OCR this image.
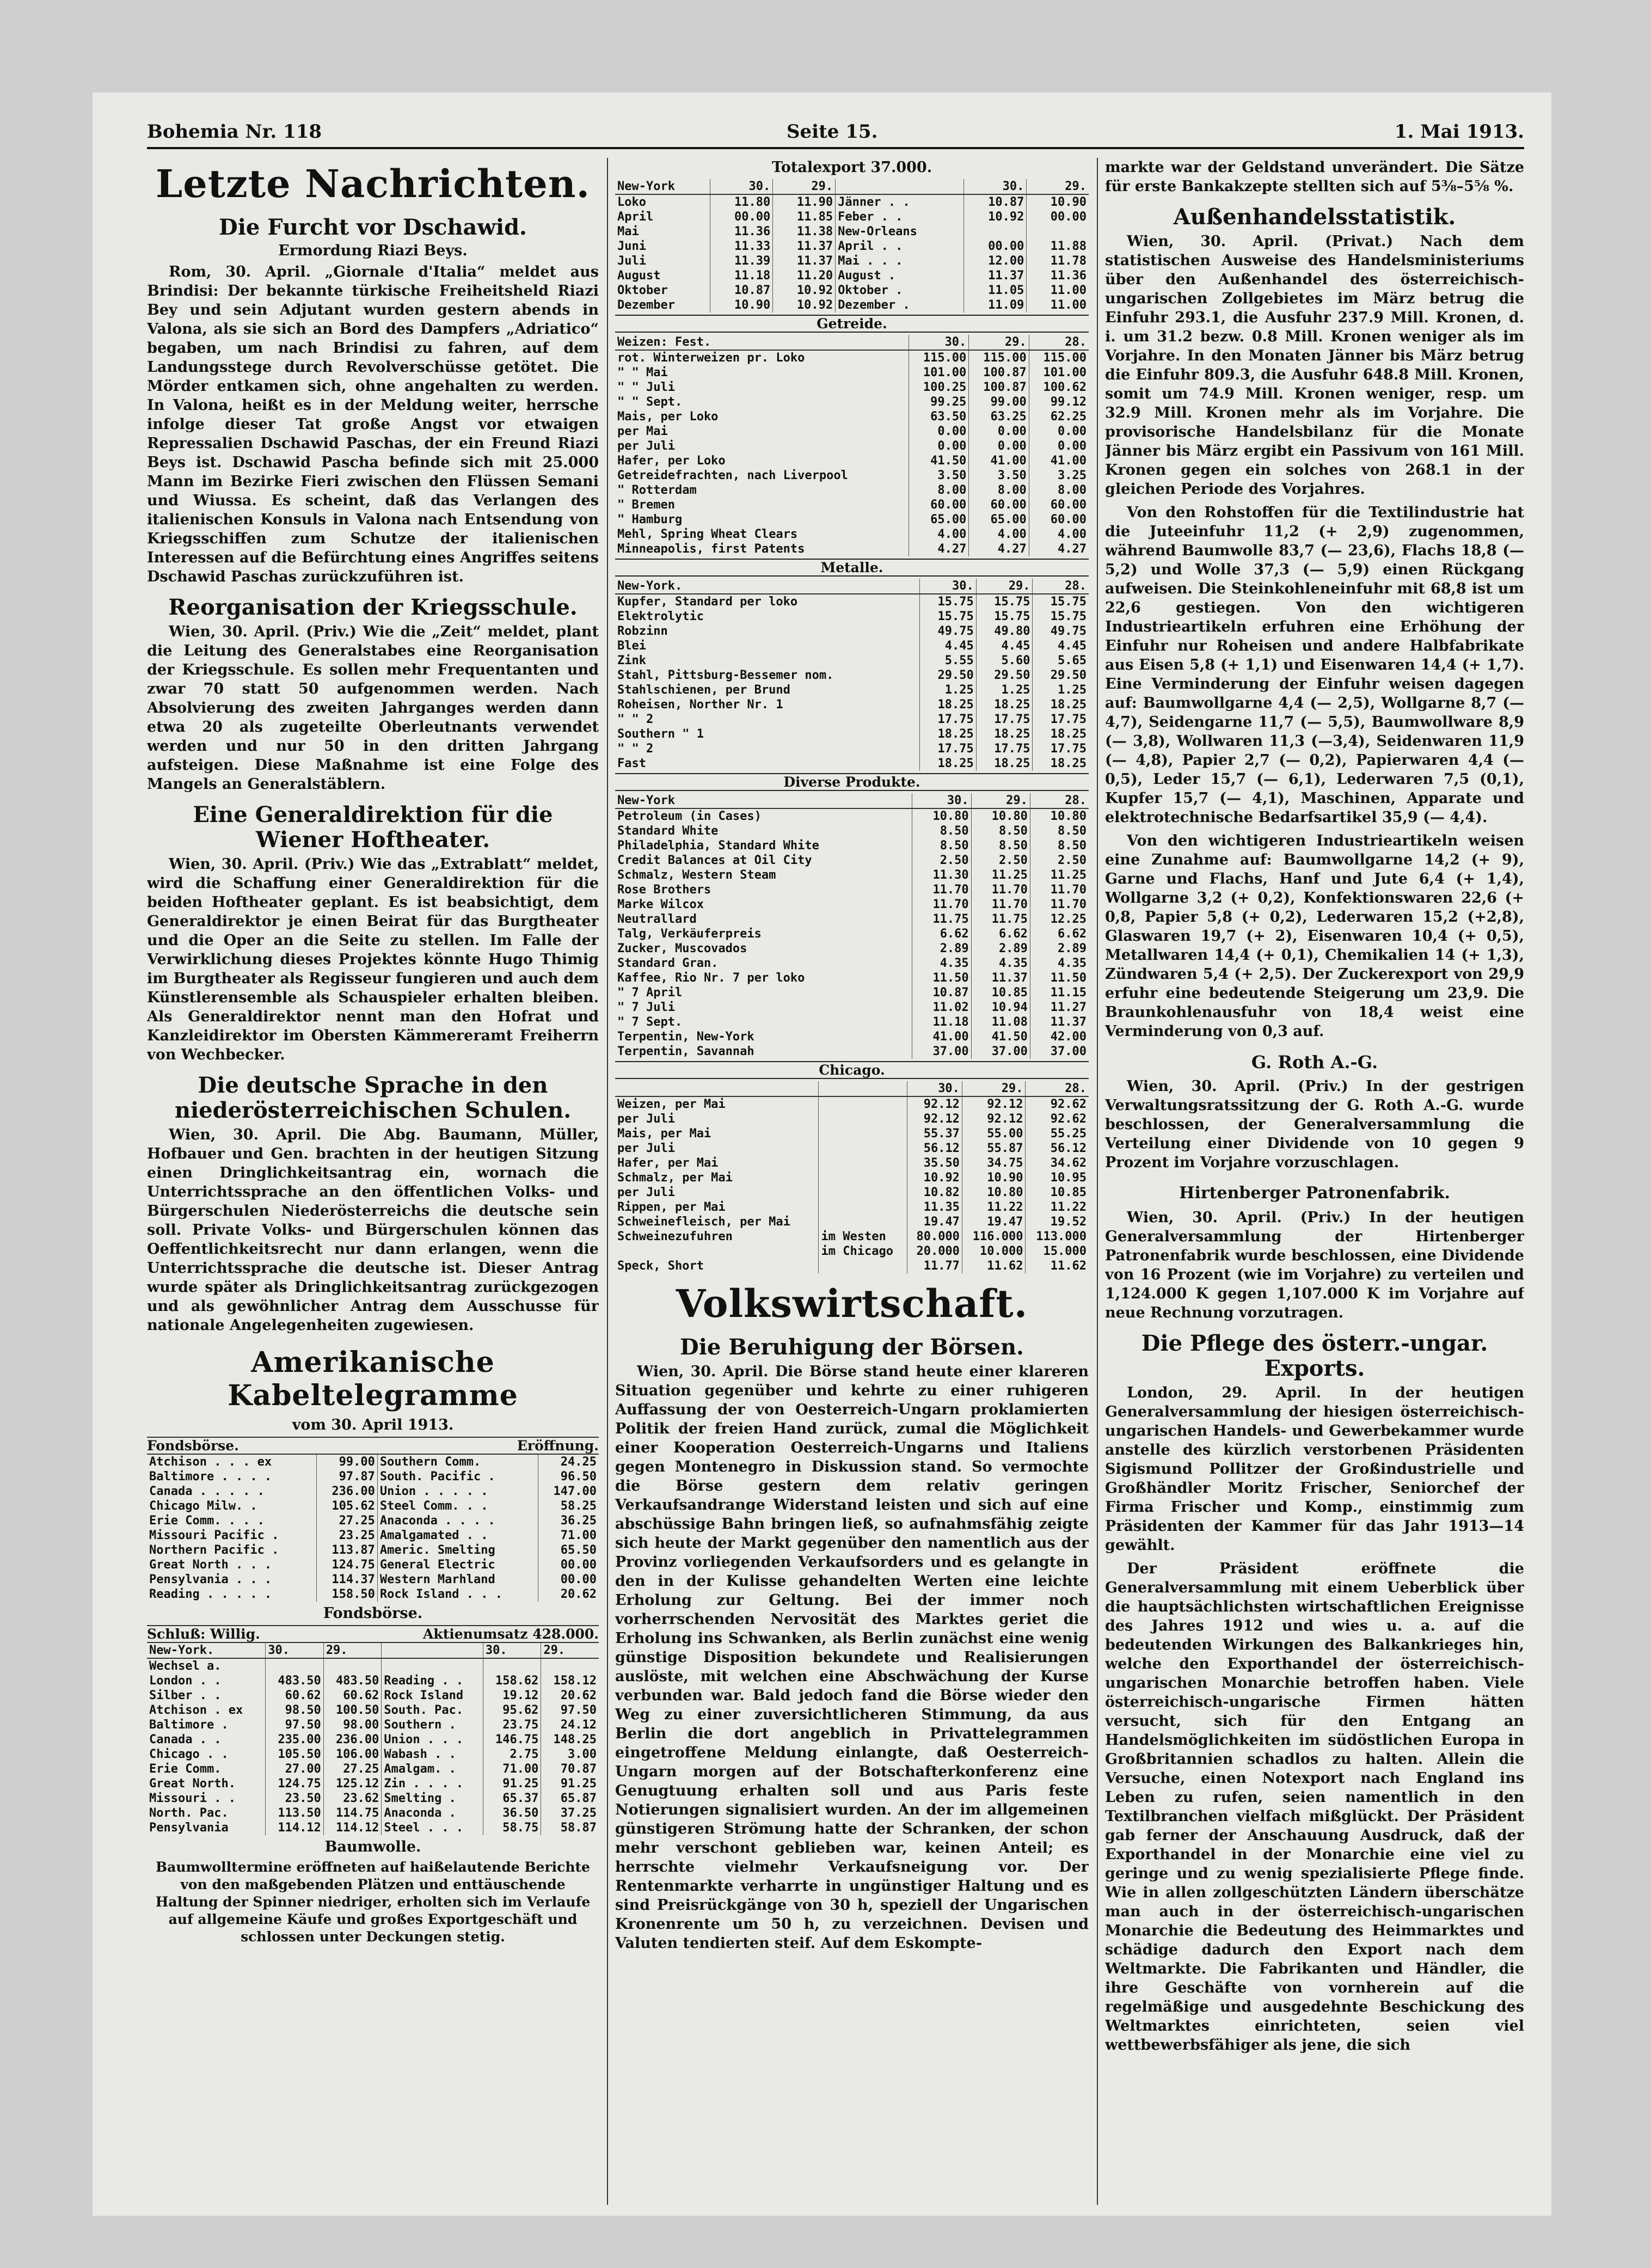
Bohemia Nr. 118	Seite 15.	1. Mai 1913.
Letzte Nachrichten.
Die Furcht vor Dschawid.
Ermordung Riazi Beys.

Rom, 30. April. „Giornale d'Italia“ meldet aus Brindisi: Der bekannte türkische Freiheitsheld Riazi Bey und sein Adjutant wurden gestern abends in Valona, als sie sich an Bord des Dampfers „Adriatico“ begaben, um nach Brindisi zu fahren, auf dem Landungsstege durch Revolverschüsse getötet. Die Mörder entkamen sich, ohne angehalten zu werden. In Valona, heißt es in der Meldung weiter, herrsche infolge dieser Tat große Angst vor etwaigen Repressalien Dschawid Paschas, der ein Freund Riazi Beys ist. Dschawid Pascha befinde sich mit 25.000 Mann im Bezirke Fieri zwischen den Flüssen Semani und Wiussa. Es scheint, daß das Verlangen des italienischen Konsuls in Valona nach Entsendung von Kriegsschiffen zum Schutze der italienischen Interessen auf die Befürchtung eines Angriffes seitens Dschawid Paschas zurückzuführen ist.

Reorganisation der Kriegsschule.

Wien, 30. April. (Priv.) Wie die „Zeit“ meldet, plant die Leitung des Generalstabes eine Reorganisation der Kriegsschule. Es sollen mehr Frequentanten und zwar 70 statt 50 aufgenommen werden. Nach Absolvierung des zweiten Jahrganges werden dann etwa 20 als zugeteilte Oberleutnants verwendet werden und nur 50 in den dritten Jahrgang aufsteigen. Diese Maßnahme ist eine Folge des Mangels an Generalstäblern.

Eine Generaldirektion für die Wiener Hoftheater.

Wien, 30. April. (Priv.) Wie das „Extrablatt“ meldet, wird die Schaffung einer Generaldirektion für die beiden Hoftheater geplant. Es ist beabsichtigt, dem Generaldirektor je einen Beirat für das Burgtheater und die Oper an die Seite zu stellen. Im Falle der Verwirklichung dieses Projektes könnte Hugo Thimig im Burgtheater als Regisseur fungieren und auch dem Künstlerensemble als Schauspieler erhalten bleiben. Als Generaldirektor nennt man den Hofrat und Kanzleidirektor im Obersten Kämmereramt Freiherrn von Wechbecker.

Die deutsche Sprache in den niederösterreichischen Schulen.

Wien, 30. April. Die Abg. Baumann, Müller, Hofbauer und Gen. brachten in der heutigen Sitzung einen Dringlichkeitsantrag ein, wornach die Unterrichtssprache an den öffentlichen Volks- und Bürgerschulen Niederösterreichs die deutsche sein soll. Private Volks- und Bürgerschulen können das Oeffentlichkeitsrecht nur dann erlangen, wenn die Unterrichtssprache die deutsche ist. Dieser Antrag wurde später als Dringlichkeitsantrag zurückgezogen und als gewöhnlicher Antrag dem Ausschusse für nationale Angelegenheiten zugewiesen.

Amerikanische Kabeltelegramme
vom 30. April 1913.
Fondsbörse.	Eröffnung.
Atchison . . . ex	99.00	Southern Comm.	24.25
Baltimore . . . .	97.87	South. Pacific .	96.50
Canada . . . . .	236.00	Union . . . . .	147.00
Chicago Milw. .	105.62	Steel Comm. . .	58.25
Erie Comm. . . .	27.25	Anaconda . . . .	36.25
Missouri Pacific .	23.25	Amalgamated . .	71.00
Northern Pacific .	113.87	Americ. Smelting	65.50
Great North . . .	124.75	General Electric	00.00
Pensylvania . . .	114.37	Western Marhland	00.00
Reading . . . . .	158.50	Rock Island . . .	20.62
Fondsbörse.
Schluß: Willig.	Aktienumsatz 428.000.
New-York.	30.	29.		30.	29.
Wechsel a.					
London . .	483.50	483.50	Reading . .	158.62	158.12
Silber . .	60.62	60.62	Rock Island	19.12	20.62
Atchison . ex	98.50	100.50	South. Pac.	95.62	97.50
Baltimore .	97.50	98.00	Southern .	23.75	24.12
Canada . .	235.00	236.00	Union . . .	146.75	148.25
Chicago . .	105.50	106.00	Wabash . .	2.75	3.00
Erie Comm.	27.00	27.25	Amalgam. .	71.00	70.87
Great North.	124.75	125.12	Zin . . . .	91.25	91.25
Missouri . .	23.50	23.62	Smelting .	65.37	65.87
North. Pac.	113.50	114.75	Anaconda .	36.50	37.25
Pensylvania	114.12	114.12	Steel . . .	58.75	58.87
Baumwolle.

Baumwolltermine eröffneten auf haißelautende Berichte von den maßgebenden Plätzen und enttäuschende Haltung der Spinner niedriger, erholten sich im Verlaufe auf allgemeine Käufe und großes Exportgeschäft und schlossen unter Deckungen stetig.

Totalexport 37.000.
New-York	30.	29.		30.	29.
Loko	11.80	11.90	Jänner . .	10.87	10.90
April	00.00	11.85	Feber . .	10.92	00.00
Mai	11.36	11.38	New-Orleans		
Juni	11.33	11.37	April . .	00.00	11.88
Juli	11.39	11.37	Mai . . .	12.00	11.78
August	11.18	11.20	August .	11.37	11.36
Oktober	10.87	10.92	Oktober .	11.05	11.00
Dezember	10.90	10.92	Dezember .	11.09	11.00
Getreide.
Weizen: Fest.	30.	29.	28.
rot. Winterweizen pr. Loko	115.00	115.00	115.00
" " Mai	101.00	100.87	101.00
" " Juli	100.25	100.87	100.62
" " Sept.	99.25	99.00	99.12
Mais, per Loko	63.50	63.25	62.25
per Mai	0.00	0.00	0.00
per Juli	0.00	0.00	0.00
Hafer, per Loko	41.50	41.00	41.00
Getreidefrachten, nach Liverpool	3.50	3.50	3.25
" Rotterdam	8.00	8.00	8.00
" Bremen	60.00	60.00	60.00
" Hamburg	65.00	65.00	60.00
Mehl, Spring Wheat Clears	4.00	4.00	4.00
Minneapolis, first Patents	4.27	4.27	4.27
Metalle.
New-York.	30.	29.	28.
Kupfer, Standard per loko	15.75	15.75	15.75
Elektrolytic	15.75	15.75	15.75
Robzinn	49.75	49.80	49.75
Blei	4.45	4.45	4.45
Zink	5.55	5.60	5.65
Stahl, Pittsburg-Bessemer nom.	29.50	29.50	29.50
Stahlschienen, per Brund	1.25	1.25	1.25
Roheisen, Norther Nr. 1	18.25	18.25	18.25
" " 2	17.75	17.75	17.75
Southern " 1	18.25	18.25	18.25
" " 2	17.75	17.75	17.75
Fast	18.25	18.25	18.25
Diverse Produkte.
New-York	30.	29.	28.
Petroleum (in Cases)	10.80	10.80	10.80
Standard White	8.50	8.50	8.50
Philadelphia, Standard White	8.50	8.50	8.50
Credit Balances at Oil City	2.50	2.50	2.50
Schmalz, Western Steam	11.30	11.25	11.25
Rose Brothers	11.70	11.70	11.70
Marke Wilcox	11.70	11.70	11.70
Neutrallard	11.75	11.75	12.25
Talg, Verkäuferpreis	6.62	6.62	6.62
Zucker, Muscovados	2.89	2.89	2.89
Standard Gran.	4.35	4.35	4.35
Kaffee, Rio Nr. 7 per loko	11.50	11.37	11.50
" 7 April	10.87	10.85	11.15
" 7 Juli	11.02	10.94	11.27
" 7 Sept.	11.18	11.08	11.37
Terpentin, New-York	41.00	41.50	42.00
Terpentin, Savannah	37.00	37.00	37.00
Chicago.
		30.	29.	28.
Weizen, per Mai		92.12	92.12	92.62
per Juli		92.12	92.12	92.62
Mais, per Mai		55.37	55.00	55.25
per Juli		56.12	55.87	56.12
Hafer, per Mai		35.50	34.75	34.62
Schmalz, per Mai		10.92	10.90	10.95
per Juli		10.82	10.80	10.85
Rippen, per Mai		11.35	11.22	11.22
Schweinefleisch, per Mai		19.47	19.47	19.52
Schweinezufuhren	im Westen	80.000	116.000	113.000
	im Chicago	20.000	10.000	15.000
Speck, Short		11.77	11.62	11.62
Volkswirtschaft.
Die Beruhigung der Börsen.

Wien, 30. April. Die Börse stand heute einer klareren Situation gegenüber und kehrte zu einer ruhigeren Auffassung der von Oesterreich-Ungarn proklamierten Politik der freien Hand zurück, zumal die Möglichkeit einer Kooperation Oesterreich-Ungarns und Italiens gegen Montenegro in Diskussion stand. So vermochte die Börse gestern dem relativ geringen Verkaufsandrange Widerstand leisten und sich auf eine abschüssige Bahn bringen ließ, so aufnahmsfähig zeigte sich heute der Markt gegenüber den namentlich aus der Provinz vorliegenden Verkaufsorders und es gelangte in den in der Kulisse gehandelten Werten eine leichte Erholung zur Geltung. Bei der immer noch vorherrschenden Nervosität des Marktes geriet die Erholung ins Schwanken, als Berlin zunächst eine wenig günstige Disposition bekundete und Realisierungen auslöste, mit welchen eine Abschwächung der Kurse verbunden war. Bald jedoch fand die Börse wieder den Weg zu einer zuversichtlicheren Stimmung, da aus Berlin die dort angeblich in Privattelegrammen eingetroffene Meldung einlangte, daß Oesterreich-Ungarn morgen auf der Botschafterkonferenz eine Genugtuung erhalten soll und aus Paris feste Notierungen signalisiert wurden. An der im allgemeinen günstigeren Strömung hatte der Schranken, der schon mehr verschont geblieben war, keinen Anteil; es herrschte vielmehr Verkaufsneigung vor. Der Rentenmarkte verharrte in ungünstiger Haltung und es sind Preisrückgänge von 30 h, speziell der Ungarischen Kronenrente um 50 h, zu verzeichnen. Devisen und Valuten tendierten steif. Auf dem Eskompte-

markte war der Geldstand unverändert. Die Sätze für erste Bankakzepte stellten sich auf 5⅜–5⅝ %.

Außenhandelsstatistik.

Wien, 30. April. (Privat.) Nach dem statistischen Ausweise des Handelsministeriums über den Außenhandel des österreichisch-ungarischen Zollgebietes im März betrug die Einfuhr 293.1, die Ausfuhr 237.9 Mill. Kronen, d. i. um 31.2 bezw. 0.8 Mill. Kronen weniger als im Vorjahre. In den Monaten Jänner bis März betrug die Einfuhr 809.3, die Ausfuhr 648.8 Mill. Kronen, somit um 74.9 Mill. Kronen weniger, resp. um 32.9 Mill. Kronen mehr als im Vorjahre. Die provisorische Handelsbilanz für die Monate Jänner bis März ergibt ein Passivum von 161 Mill. Kronen gegen ein solches von 268.1 in der gleichen Periode des Vorjahres.

Von den Rohstoffen für die Textilindustrie hat die Juteeinfuhr 11,2 (+ 2,9) zugenommen, während Baumwolle 83,7 (— 23,6), Flachs 18,8 (— 5,2) und Wolle 37,3 (— 5,9) einen Rückgang aufweisen. Die Steinkohleneinfuhr mit 68,8 ist um 22,6 gestiegen. Von den wichtigeren Industrieartikeln erfuhren eine Erhöhung der Einfuhr nur Roheisen und andere Halbfabrikate aus Eisen 5,8 (+ 1,1) und Eisenwaren 14,4 (+ 1,7). Eine Verminderung der Einfuhr weisen dagegen auf: Baumwollgarne 4,4 (— 2,5), Wollgarne 8,7 (— 4,7), Seidengarne 11,7 (— 5,5), Baumwollware 8,9 (— 3,8), Wollwaren 11,3 (—3,4), Seidenwaren 11,9 (— 4,8), Papier 2,7 (— 0,2), Papierwaren 4,4 (— 0,5), Leder 15,7 (— 6,1), Lederwaren 7,5 (0,1), Kupfer 15,7 (— 4,1), Maschinen, Apparate und elektrotechnische Bedarfsartikel 35,9 (— 4,4).

Von den wichtigeren Industrieartikeln weisen eine Zunahme auf: Baumwollgarne 14,2 (+ 9), Garne und Flachs, Hanf und Jute 6,4 (+ 1,4), Wollgarne 3,2 (+ 0,2), Konfektionswaren 22,6 (+ 0,8, Papier 5,8 (+ 0,2), Lederwaren 15,2 (+2,8), Glaswaren 19,7 (+ 2), Eisenwaren 10,4 (+ 0,5), Metallwaren 14,4 (+ 0,1), Chemikalien 14 (+ 1,3), Zündwaren 5,4 (+ 2,5). Der Zuckerexport von 29,9 erfuhr eine bedeutende Steigerung um 23,9. Die Braunkohlenausfuhr von 18,4 weist eine Verminderung von 0,3 auf.

G. Roth A.-G.

Wien, 30. April. (Priv.) In der gestrigen Verwaltungsratssitzung der G. Roth A.-G. wurde beschlossen, der Generalversammlung die Verteilung einer Dividende von 10 gegen 9 Prozent im Vorjahre vorzuschlagen.

Hirtenberger Patronenfabrik.

Wien, 30. April. (Priv.) In der heutigen Generalversammlung der Hirtenberger Patronenfabrik wurde beschlossen, eine Dividende von 16 Prozent (wie im Vorjahre) zu verteilen und 1,124.000 K gegen 1,107.000 K im Vorjahre auf neue Rechnung vorzutragen.

Die Pflege des österr.-ungar. Exports.

London, 29. April. In der heutigen Generalversammlung der hiesigen österreichisch-ungarischen Handels- und Gewerbekammer wurde anstelle des kürzlich verstorbenen Präsidenten Sigismund Pollitzer der Großindustrielle und Großhändler Moritz Frischer, Seniorchef der Firma Frischer und Komp., einstimmig zum Präsidenten der Kammer für das Jahr 1913—14 gewählt.

Der Präsident eröffnete die Generalversammlung mit einem Ueberblick über die hauptsächlichsten wirtschaftlichen Ereignisse des Jahres 1912 und wies u. a. auf die bedeutenden Wirkungen des Balkankrieges hin, welche den Exporthandel der österreichisch-ungarischen Monarchie betroffen haben. Viele österreichisch-ungarische Firmen hätten versucht, sich für den Entgang an Handelsmöglichkeiten im südöstlichen Europa in Großbritannien schadlos zu halten. Allein die Versuche, einen Notexport nach England ins Leben zu rufen, seien namentlich in den Textilbranchen vielfach mißglückt. Der Präsident gab ferner der Anschauung Ausdruck, daß der Exporthandel in der Monarchie eine viel zu geringe und zu wenig spezialisierte Pflege finde. Wie in allen zollgeschützten Ländern überschätze man auch in der österreichisch-ungarischen Monarchie die Bedeutung des Heimmarktes und schädige dadurch den Export nach dem Weltmarkte. Die Fabrikanten und Händler, die ihre Geschäfte von vornherein auf die regelmäßige und ausgedehnte Beschickung des Weltmarktes einrichteten, seien viel wettbewerbsfähiger als jene, die sich
